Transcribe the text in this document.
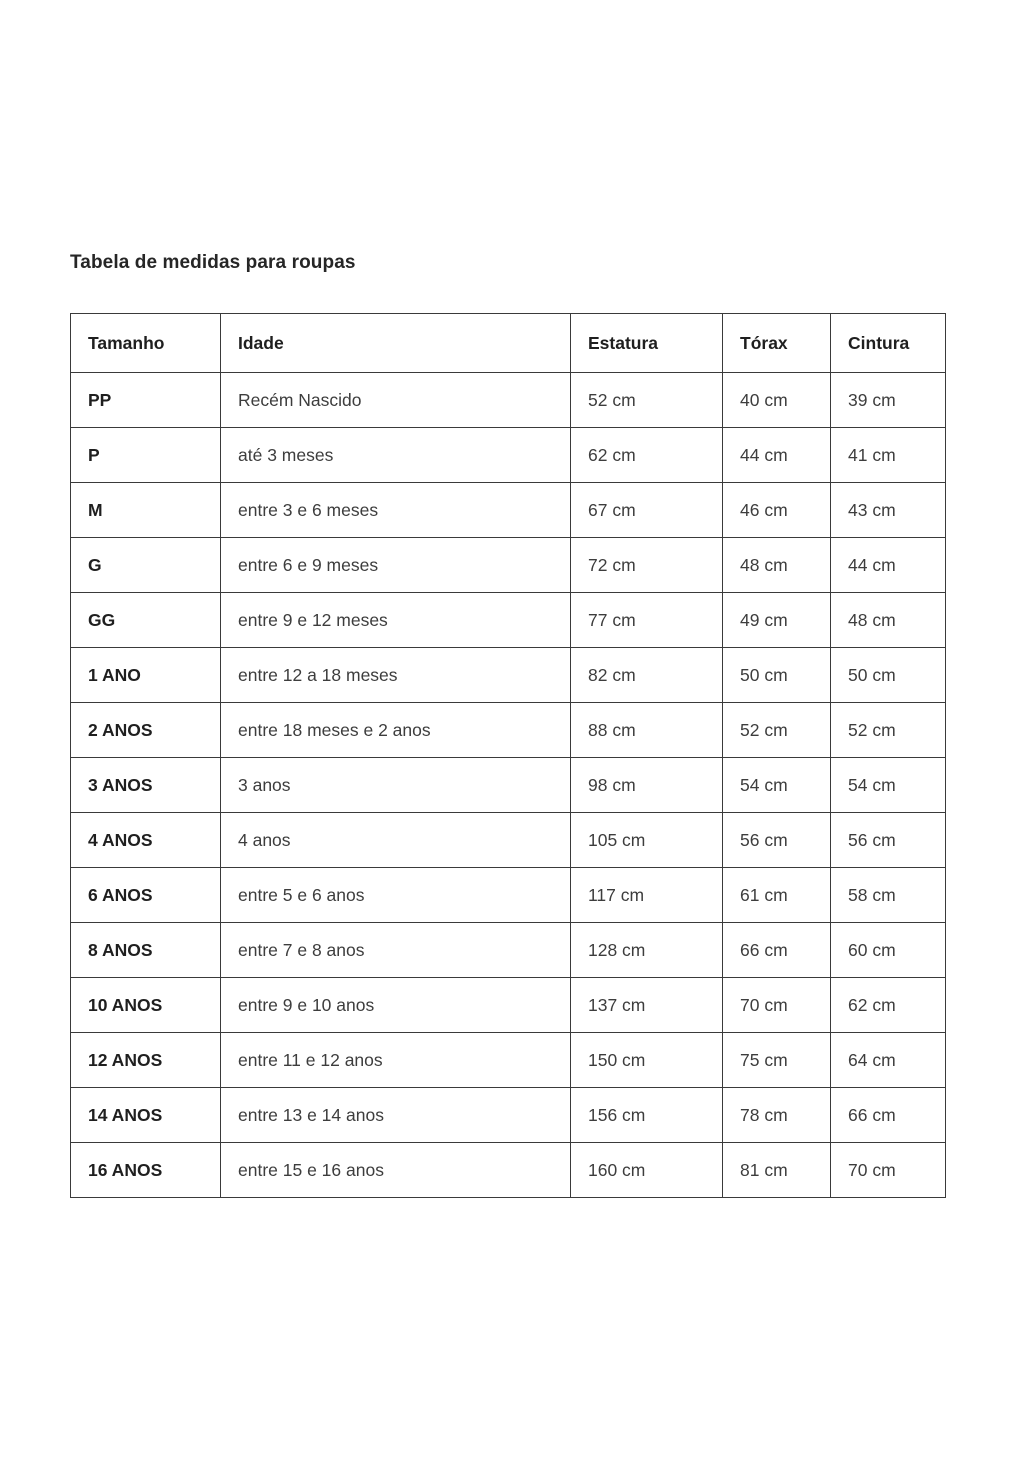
Tabela de medidas para roupas
Tamanho	Idade	Estatura	Tórax	Cintura
PP	Recém Nascido	52 cm	40 cm	39 cm
P	até 3 meses	62 cm	44 cm	41 cm
M	entre 3 e 6 meses	67 cm	46 cm	43 cm
G	entre 6 e 9 meses	72 cm	48 cm	44 cm
GG	entre 9 e 12 meses	77 cm	49 cm	48 cm
1 ANO	entre 12 a 18 meses	82 cm	50 cm	50 cm
2 ANOS	entre 18 meses e 2 anos	88 cm	52 cm	52 cm
3 ANOS	3 anos	98 cm	54 cm	54 cm
4 ANOS	4 anos	105 cm	56 cm	56 cm
6 ANOS	entre 5 e 6 anos	117 cm	61 cm	58 cm
8 ANOS	entre 7 e 8 anos	128 cm	66 cm	60 cm
10 ANOS	entre 9 e 10 anos	137 cm	70 cm	62 cm
12 ANOS	entre 11 e 12 anos	150 cm	75 cm	64 cm
14 ANOS	entre 13 e 14 anos	156 cm	78 cm	66 cm
16 ANOS	entre 15 e 16 anos	160 cm	81 cm	70 cm
